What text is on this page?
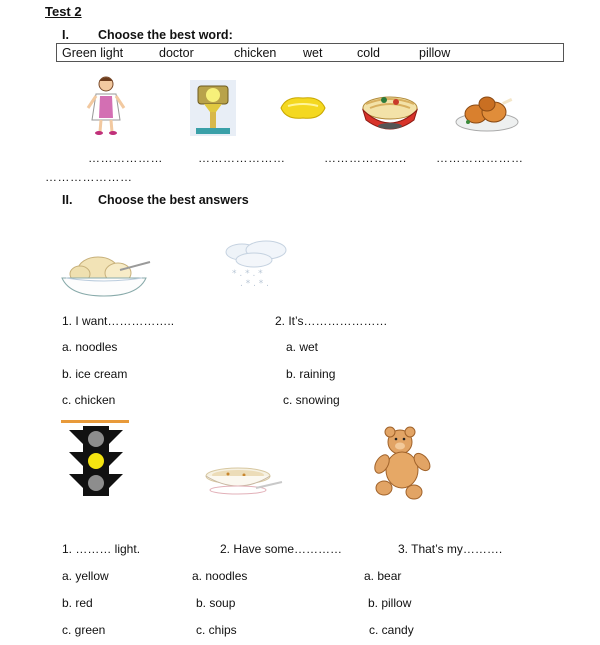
Test 2
I. Choose the best word:
Green light	doctor	chicken wet	cold	pillow
………………	…………………	……………….. …………………
…………………
II. Choose the best answers
* . * . *
. * . * .
1. I want……………..	2. It’s…………………
a. noodles
b. ice cream
c. chicken
a. wet
b. raining
c. snowing
1. ……… light.	2. Have some…………	3. That’s my……….
a. yellow
b. red
c. green
a. noodles
b. soup
c. chips
a. bear
b. pillow
c. candy
